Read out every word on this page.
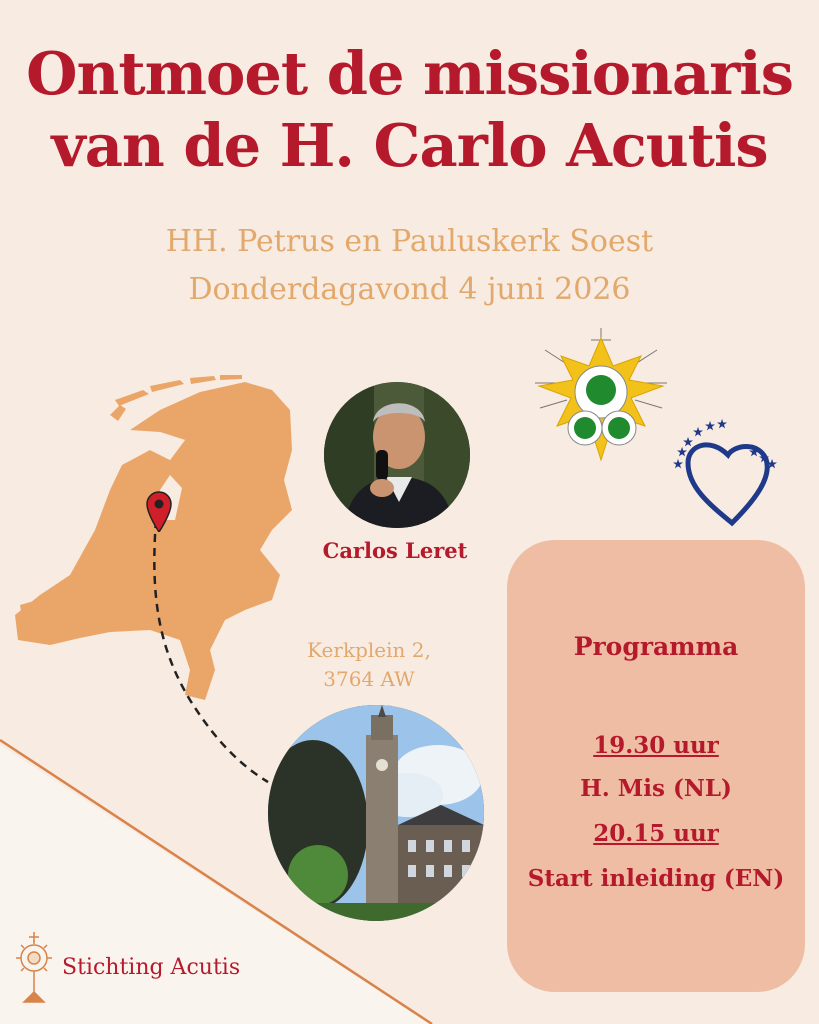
Ontmoet de missionaris
van de H. Carlo Acutis
HH. Petrus en Pauluskerk Soest
Donderdagavond 4 juni 2026
Carlos Leret
Kerkplein 2,
3764 AW
★
★
★
★
★ ★
★
★
★
Programma
19.30 uur
H. Mis (NL)
20.15 uur
Start inleiding (EN)
Stichting Acutis
